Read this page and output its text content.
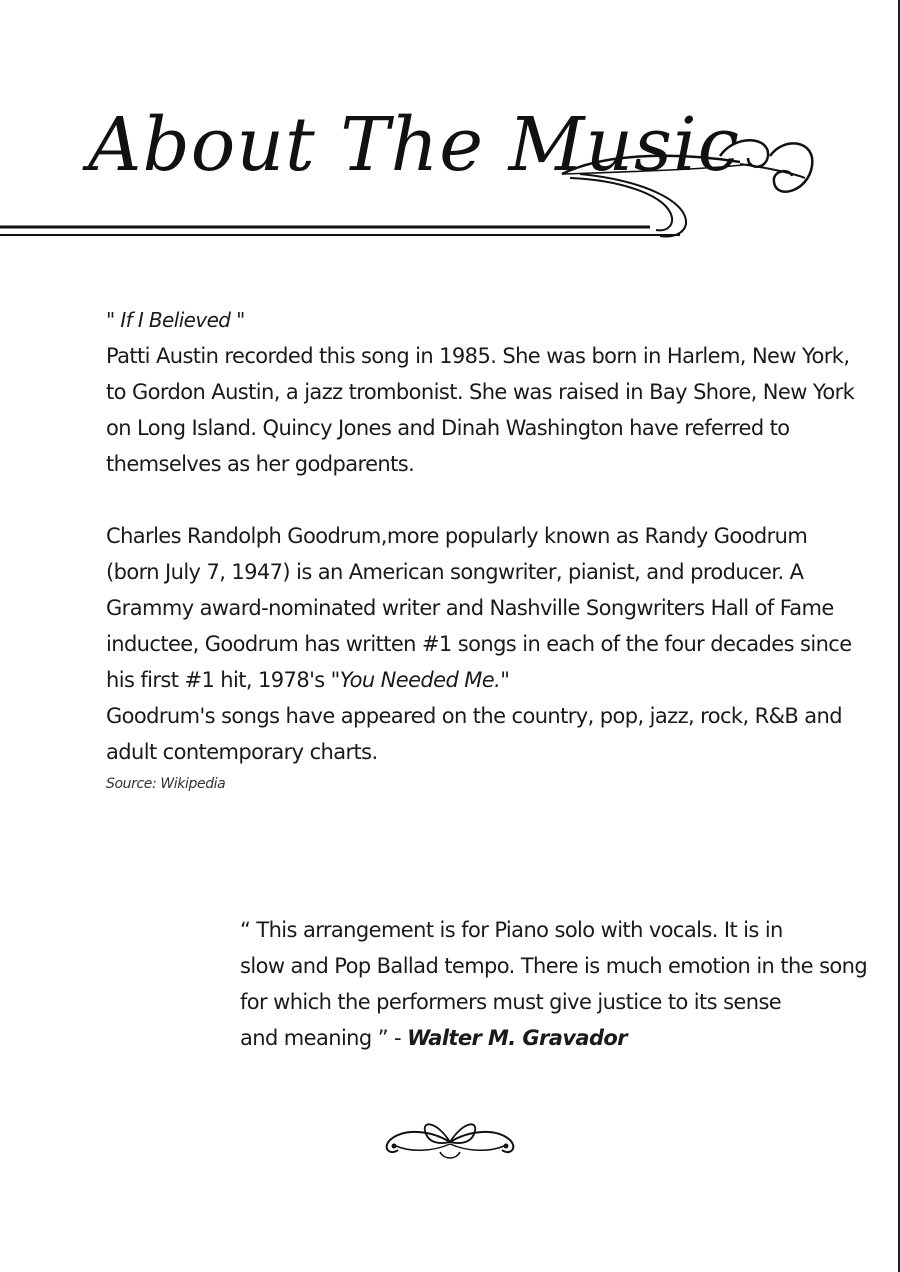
About The Music
" If I Believed "

Patti Austin recorded this song in 1985. She was born in Harlem, New York, to Gordon Austin, a jazz trombonist. She was raised in Bay Shore, New York on Long Island. Quincy Jones and Dinah Washington have referred to themselves as her godparents.

Charles Randolph Goodrum,more popularly known as Randy Goodrum (born July 7, 1947) is an American songwriter, pianist, and producer. A Grammy award-nominated writer and Nashville Songwriters Hall of Fame inductee, Goodrum has written #1 songs in each of the four decades since his first #1 hit, 1978's "You Needed Me."

Goodrum's songs have appeared on the country, pop, jazz, rock, R&B and adult contemporary charts.

Source: Wikipedia
“ This arrangement is for Piano solo with vocals. It is in
slow and Pop Ballad tempo. There is much emotion in the song
for which the performers must give justice to its sense
and meaning ” - Walter M. Gravador
